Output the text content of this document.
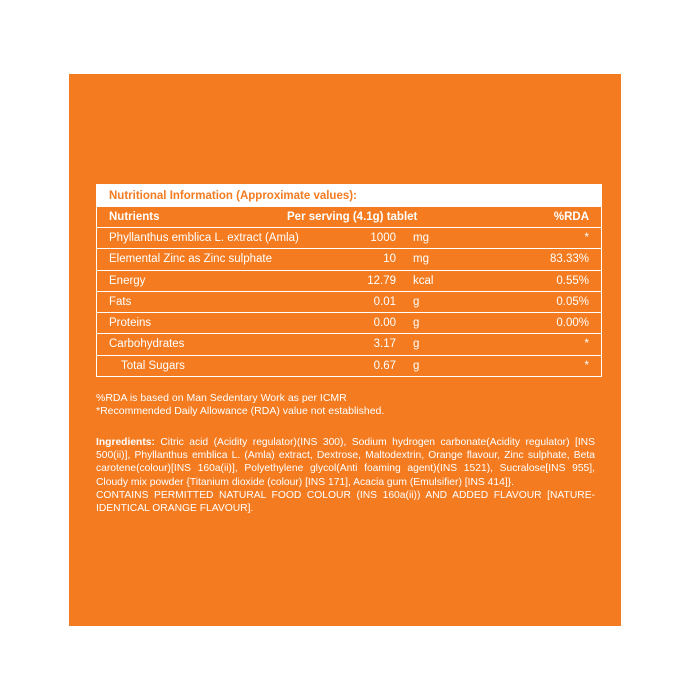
Nutritional Information (Approximate values):
Nutrients	Per serving (4.1g) tablet	%RDA
Phyllanthus emblica L. extract (Amla)	1000 mg	*
Elemental Zinc as Zinc sulphate	10 mg	83.33%
Energy	12.79 kcal	0.55%
Fats	0.01 g	0.05%
Proteins	0.00 g	0.00%
Carbohydrates	3.17 g	*
Total Sugars	0.67 g	*
%RDA is based on Man Sedentary Work as per ICMR
*Recommended Daily Allowance (RDA) value not established.
Ingredients: Citric acid (Acidity regulator)(INS 300), Sodium hydrogen carbonate(Acidity regulator) [INS 500(ii)], Phyllanthus emblica L. (Amla) extract, Dextrose, Maltodextrin, Orange flavour, Zinc sulphate, Beta carotene(colour)[INS 160a(ii)], Polyethylene glycol(Anti foaming agent)(INS 1521), Sucralose[INS 955], Cloudy mix powder {Titanium dioxide (colour) [INS 171], Acacia gum (Emulsifier) [INS 414]}.
CONTAINS PERMITTED NATURAL FOOD COLOUR (INS 160a(ii)) AND ADDED FLAVOUR [NATURE-IDENTICAL ORANGE FLAVOUR].
